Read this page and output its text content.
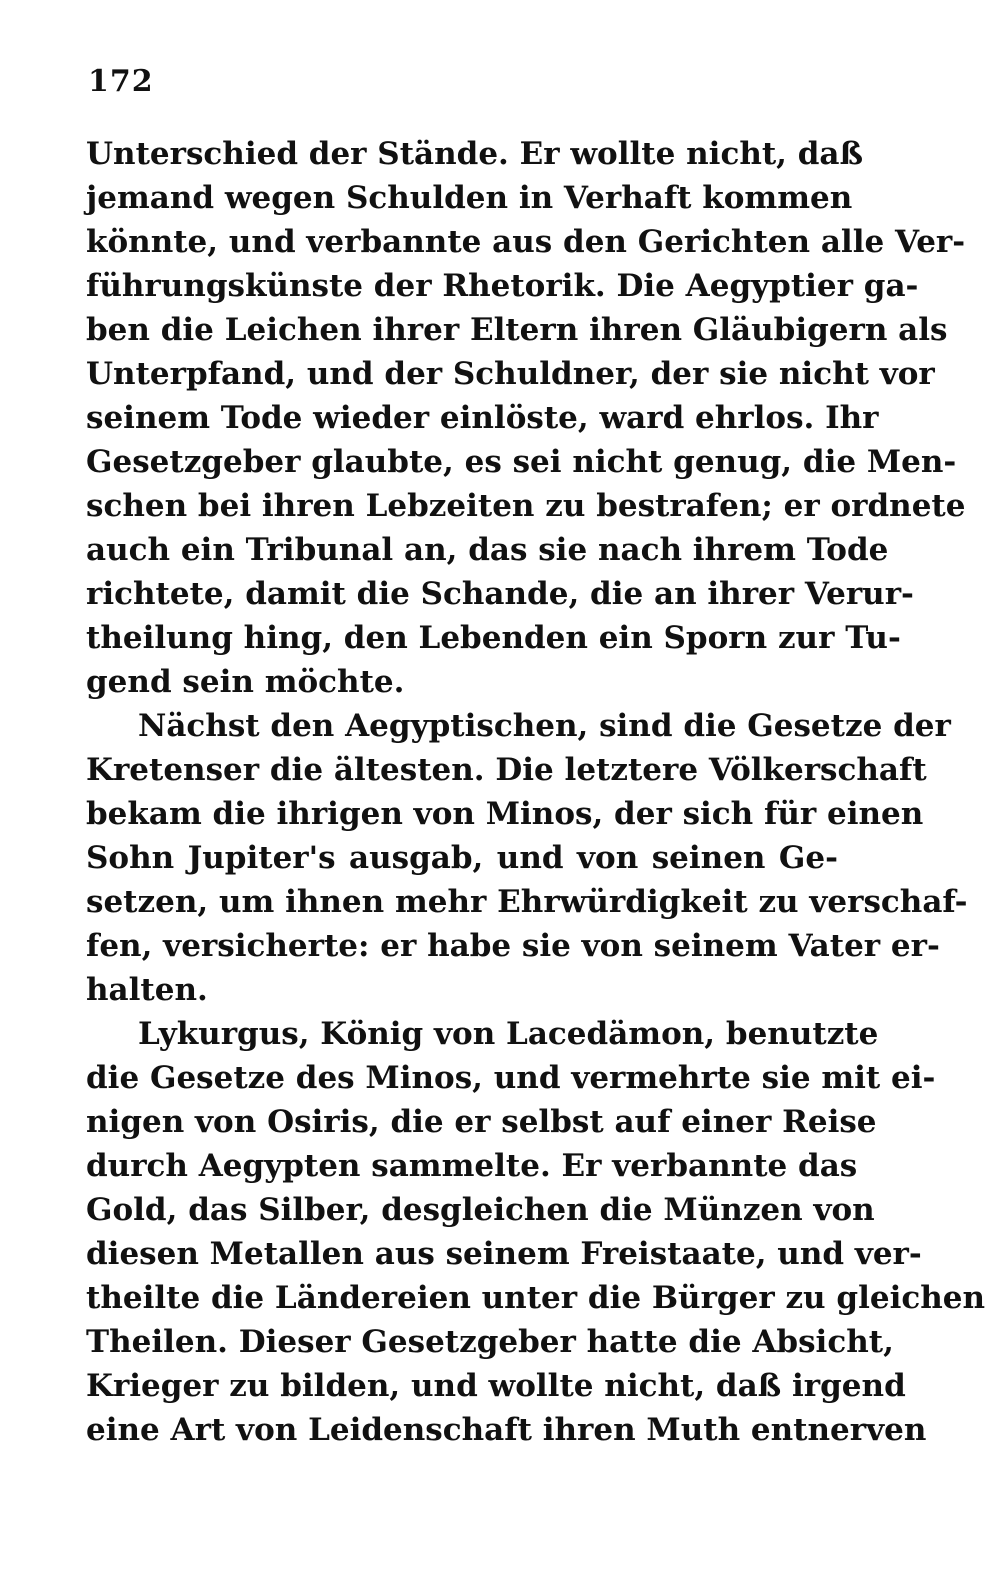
172
Unterschied der Stände. Er wollte nicht, daß
jemand wegen Schulden in Verhaft kommen
könnte, und verbannte aus den Gerichten alle Ver-
führungskünste der Rhetorik. Die Aegyptier ga-
ben die Leichen ihrer Eltern ihren Gläubigern als
Unterpfand, und der Schuldner, der sie nicht vor
seinem Tode wieder einlöste, ward ehrlos. Ihr
Gesetzgeber glaubte, es sei nicht genug, die Men-
schen bei ihren Lebzeiten zu bestrafen; er ordnete
auch ein Tribunal an, das sie nach ihrem Tode
richtete, damit die Schande, die an ihrer Verur-
theilung hing, den Lebenden ein Sporn zur Tu-
gend sein möchte.
Nächst den Aegyptischen, sind die Gesetze der
Kretenser die ältesten. Die letztere Völkerschaft
bekam die ihrigen von Minos, der sich für einen
Sohn Jupiter's ausgab, und von seinen Ge-
setzen, um ihnen mehr Ehrwürdigkeit zu verschaf-
fen, versicherte: er habe sie von seinem Vater er-
halten.
Lykurgus, König von Lacedämon, benutzte
die Gesetze des Minos, und vermehrte sie mit ei-
nigen von Osiris, die er selbst auf einer Reise
durch Aegypten sammelte. Er verbannte das
Gold, das Silber, desgleichen die Münzen von
diesen Metallen aus seinem Freistaate, und ver-
theilte die Ländereien unter die Bürger zu gleichen
Theilen. Dieser Gesetzgeber hatte die Absicht,
Krieger zu bilden, und wollte nicht, daß irgend
eine Art von Leidenschaft ihren Muth entnerven
